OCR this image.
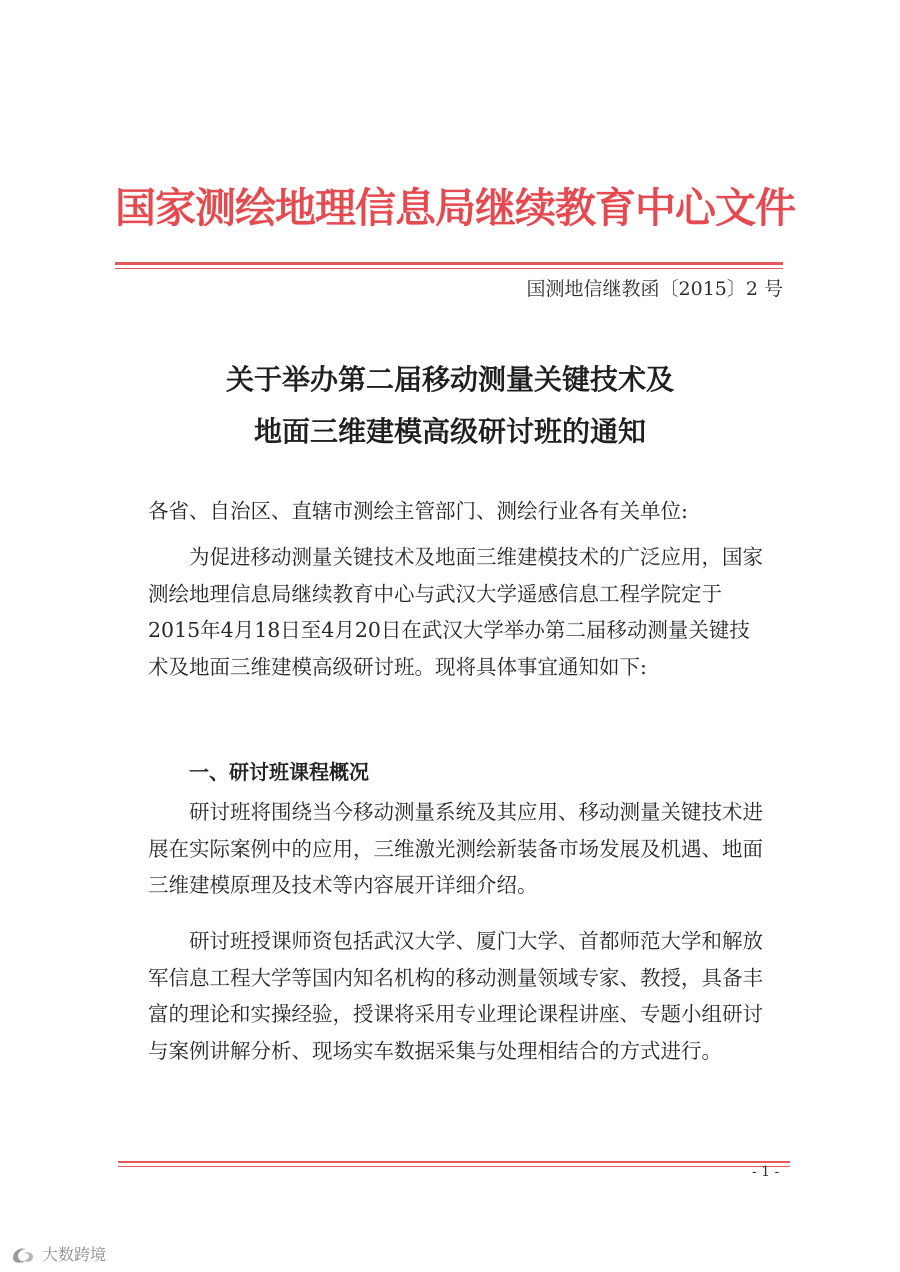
国家测绘地理信息局继续教育中心文件
国测地信继教函〔2015〕2 号
关于举办第二届移动测量关键技术及
地面三维建模高级研讨班的通知
各省、自治区、直辖市测绘主管部门、测绘行业各有关单位:

为促进移动测量关键技术及地面三维建模技术的广泛应用，国家测绘地理信息局继续教育中心与武汉大学遥感信息工程学院定于2015年4月18日至4月20日在武汉大学举办第二届移动测量关键技术及地面三维建模高级研讨班。现将具体事宜通知如下:

一、研讨班课程概况

研讨班将围绕当今移动测量系统及其应用、移动测量关键技术进展在实际案例中的应用，三维激光测绘新装备市场发展及机遇、地面三维建模原理及技术等内容展开详细介绍。

研讨班授课师资包括武汉大学、厦门大学、首都师范大学和解放军信息工程大学等国内知名机构的移动测量领域专家、教授，具备丰富的理论和实操经验，授课将采用专业理论课程讲座、专题小组研讨与案例讲解分析、现场实车数据采集与处理相结合的方式进行。

- 1 -
大数跨境
